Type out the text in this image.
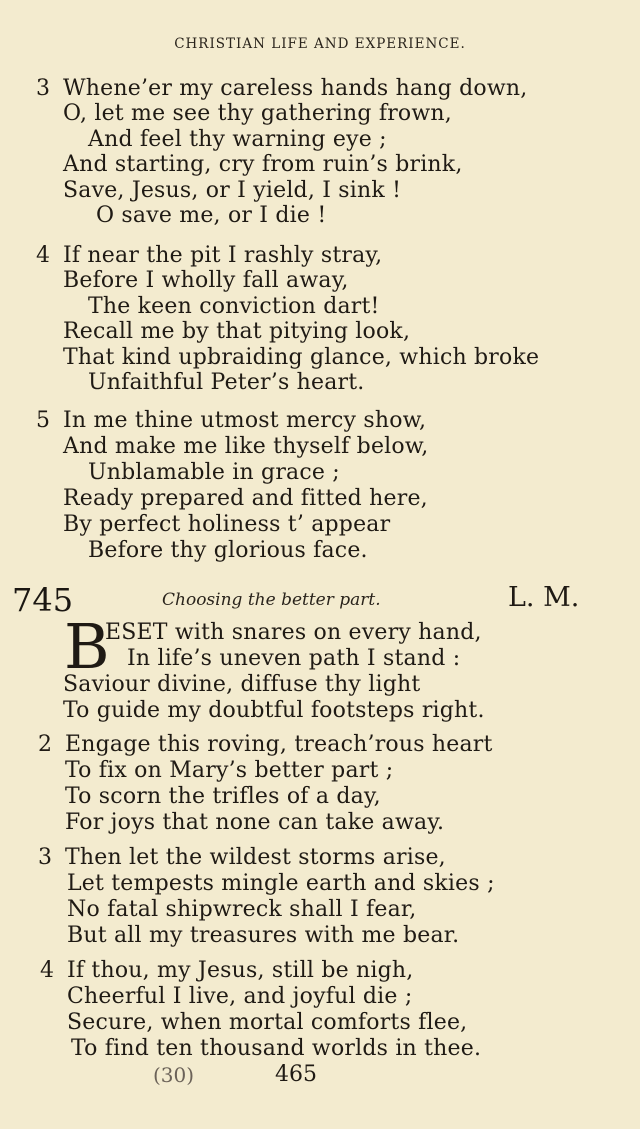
CHRISTIAN LIFE AND EXPERIENCE.
3 Whene’er my careless hands hang down,
O, let me see thy gathering frown,
And feel thy warning eye ;
And starting, cry from ruin’s brink,
Save, Jesus, or I yield, I sink !
O save me, or I die !
4 If near the pit I rashly stray,
Before I wholly fall away,
The keen conviction dart!
Recall me by that pitying look,
That kind upbraiding glance, which broke
Unfaithful Peter’s heart.
5 In me thine utmost mercy show,
And make me like thyself below,
Unblamable in grace ;
Ready prepared and fitted here,
By perfect holiness t’ appear
Before thy glorious face.
745	Choosing the better part.	L. M.
B
ESET with snares on every hand,
In life’s uneven path I stand :
Saviour divine, diffuse thy light
To guide my doubtful footsteps right.
2 Engage this roving, treach’rous heart
To fix on Mary’s better part ;
To scorn the trifles of a day,
For joys that none can take away.
3 Then let the wildest storms arise,
Let tempests mingle earth and skies ;
No fatal shipwreck shall I fear,
But all my treasures with me bear.
4 If thou, my Jesus, still be nigh,
Cheerful I live, and joyful die ;
Secure, when mortal comforts flee,
To find ten thousand worlds in thee.
(30)	465
